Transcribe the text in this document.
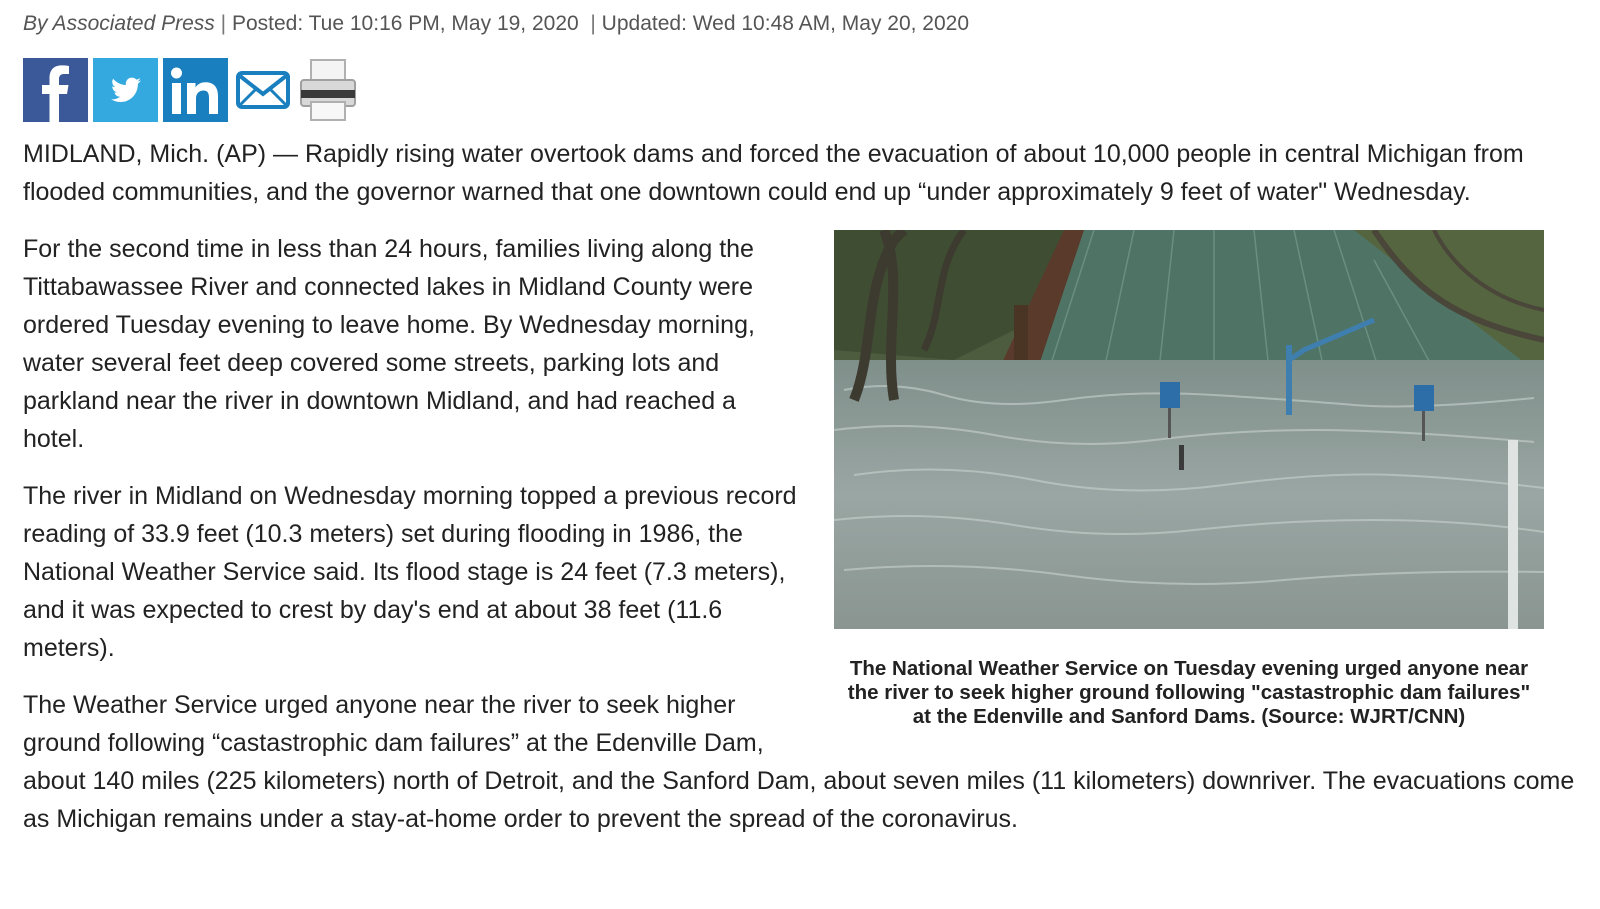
By Associated Press | Posted: Tue 10:16 PM, May 19, 2020 | Updated: Wed 10:48 AM, May 20, 2020

MIDLAND, Mich. (AP) — Rapidly rising water overtook dams and forced the evacuation of about 10,000 people in central Michigan from flooded communities, and the governor warned that one downtown could end up “under approximately 9 feet of water" Wednesday.

The National Weather Service on Tuesday evening urged anyone near the river to seek higher ground following "castastrophic dam failures" at the Edenville and Sanford Dams. (Source: WJRT/CNN)

For the second time in less than 24 hours, families living along the Tittabawassee River and connected lakes in Midland County were ordered Tuesday evening to leave home. By Wednesday morning, water several feet deep covered some streets, parking lots and parkland near the river in downtown Midland, and had reached a hotel.

The river in Midland on Wednesday morning topped a previous record reading of 33.9 feet (10.3 meters) set during flooding in 1986, the National Weather Service said. Its flood stage is 24 feet (7.3 meters), and it was expected to crest by day's end at about 38 feet (11.6 meters).

The Weather Service urged anyone near the river to seek higher ground following “castastrophic dam failures” at the Edenville Dam, about 140 miles (225 kilometers) north of Detroit, and the Sanford Dam, about seven miles (11 kilometers) downriver. The evacuations come as Michigan remains under a stay-at-home order to prevent the spread of the coronavirus.
